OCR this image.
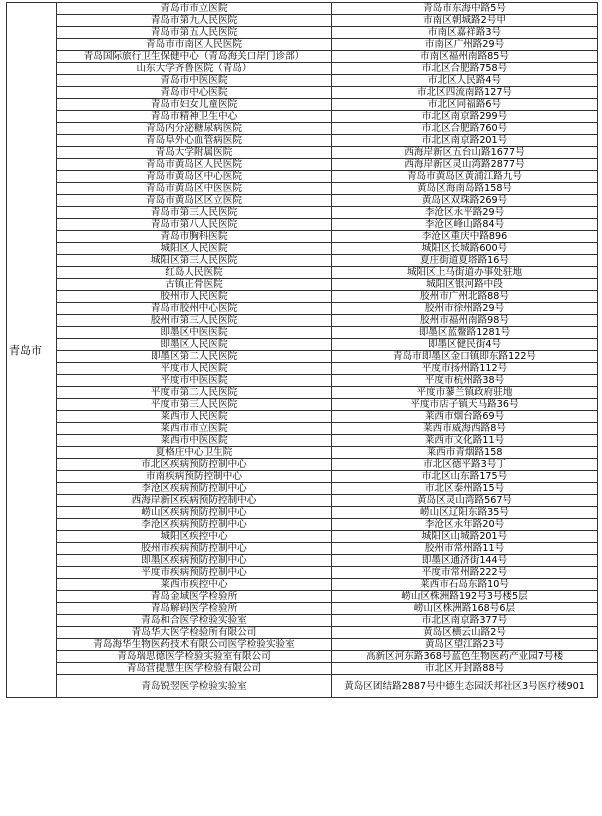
青岛市	青岛市市立医院	青岛市东海中路5号
	青岛市第九人民医院	市南区朝城路2号甲
	青岛市第五人民医院	市南区嘉祥路3号
	青岛市市南区人民医院	市南区广州路29号
	青岛国际旅行卫生保健中心（青岛海关口岸门诊部）	市南区福州南路85号
	山东大学齐鲁医院（青岛）	市北区合肥路758号
	青岛市中医医院	市北区人民路4号
	青岛市中心医院	市北区四流南路127号
	青岛市妇女儿童医院	市北区同福路6号
	青岛市精神卫生中心	市北区南京路299号
	青岛内分泌糖尿病医院	市北区合肥路760号
	青岛阜外心血管病医院	市北区南京路201号
	青岛大学附属医院	西海岸新区五台山路1677号
	青岛市黄岛区人民医院	西海岸新区灵山湾路2877号
	青岛市黄岛区中心医院	青岛市黄岛区黄浦江路九号
	青岛市黄岛区中医医院	黄岛区海南岛路158号
	青岛市黄岛区区立医院	黄岛区双珠路269号
	青岛市第三人民医院	李沧区永平路29号
	青岛市第八人民医院	李沧区峰山路84号
	青岛市胸科医院	李沧区重庆中路896
	城阳区人民医院	城阳区长城路600号
	城阳区第三人民医院	夏庄街道夏塔路16号
	红岛人民医院	城阳区上马街道办事处驻地
	古镇正骨医院	城阳区银河路中段
	胶州市人民医院	胶州市广州北路88号
	青岛市胶州中心医院	胶州市徐州路29号
	胶州市第三人民医院	胶州市福州南路98号
	即墨区中医医院	即墨区蓝鳌路1281号
	即墨区人民医院	即墨区健民街4号
	即墨区第二人民医院	青岛市即墨区金口镇即东路122号
	平度市人民医院	平度市扬州路112号
	平度市中医医院	平度市杭州路38号
	平度市第二人民医院	平度市蓼兰镇政府驻地
	平度市第三人民医院	平度市店子镇天马路36号
	莱西市人民医院	莱西市烟台路69号
	莱西市市立医院	莱西市威海西路8号
	莱西市中医医院	莱西市文化路11号
	夏格庄中心卫生院	莱西市青烟路158
	市北区疾病预防控制中心	市北区德平路3号丁
	市南疾病预防控制中心	市北区山东路175号
	李沧区疾病预防控制中心	市北区泰州路15号
	西海岸新区疾病预防控制中心	黄岛区灵山湾路567号
	崂山区疾病预防控制中心	崂山区辽阳东路35号
	李沧区疾病预防控制中心	李沧区永年路20号
	城阳区疾控中心	城阳区山城路201号
	胶州市疾病预防控制中心	胶州市常州路11号
	即墨区疾病预防控制中心	即墨区通济街144号
	平度市疾病预防控制中心	平度市常州路222号
	莱西市疾控中心	莱西市石岛东路10号
	青岛金域医学检验所	崂山区株洲路192号3号楼5层
	青岛解码医学检验所	崂山区株洲路168号6层
	青岛和合医学检验实验室	市北区南京路377号
	青岛华大医学检验所有限公司	黄岛区横云山路2号
	青岛海华生物医药技术有限公司医学检验实验室	黄岛区望江路23号
	青岛瑞思德医学检验实验室有限公司	高新区河东路368号蓝色生物医药产业园7号楼
	青岛营提慧生医学检验有限公司	市北区开封路88号
	青岛锐翌医学检验实验室	黄岛区团结路2887号中德生态园沃邦社区3号医疗楼901
